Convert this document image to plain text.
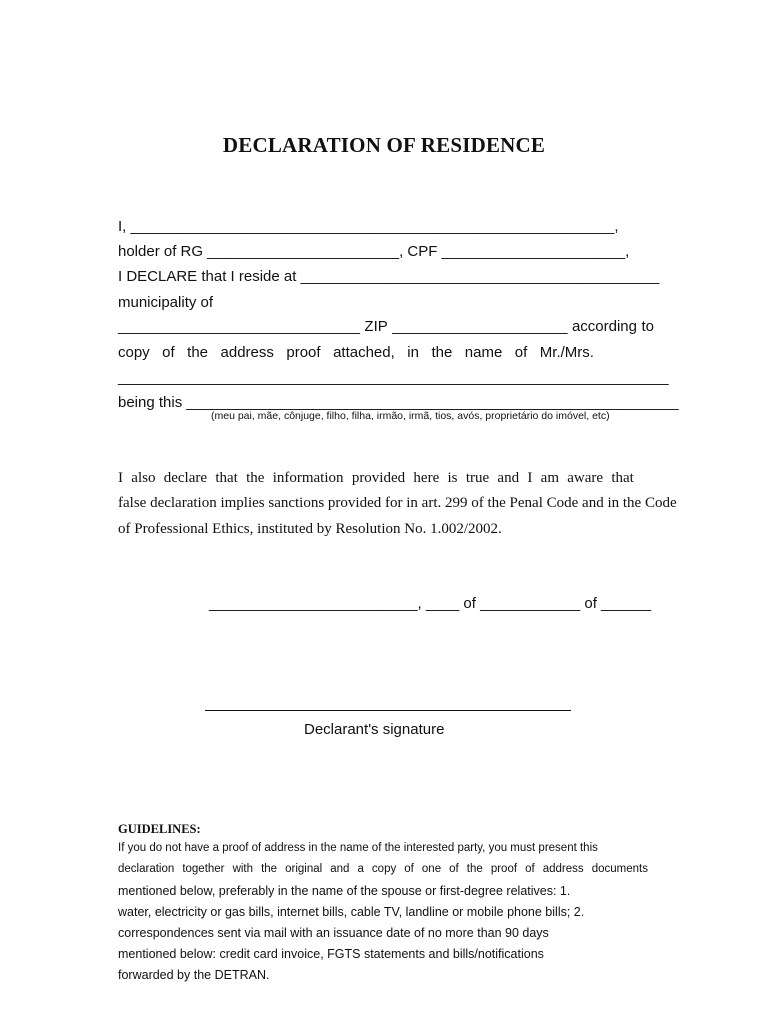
DECLARATION OF RESIDENCE
I, __________________________________________________________,
holder of RG _______________________, CPF ______________________,
I DECLARE that I reside at ___________________________________________
municipality of
_____________________________ ZIP _____________________ according to
copy of the address proof attached, in the name of Mr./Mrs.
__________________________________________________________________
being this ___________________________________________________________
(meu pai, mãe, cônjuge, filho, filha, irmão, irmã, tios, avós, proprietário do imóvel, etc)
I also declare that the information provided here is true and I am aware that
false declaration implies sanctions provided for in art. 299 of the Penal Code and in the Code
of Professional Ethics, instituted by Resolution No. 1.002/2002.
_________________________, ____ of ____________ of ______
Declarant's signature
GUIDELINES:
If you do not have a proof of address in the name of the interested party, you must present this
declaration together with the original and a copy of one of the proof of address documents
mentioned below, preferably in the name of the spouse or first-degree relatives: 1.
water, electricity or gas bills, internet bills, cable TV, landline or mobile phone bills; 2.
correspondences sent via mail with an issuance date of no more than 90 days
mentioned below: credit card invoice, FGTS statements and bills/notifications
forwarded by the DETRAN.
